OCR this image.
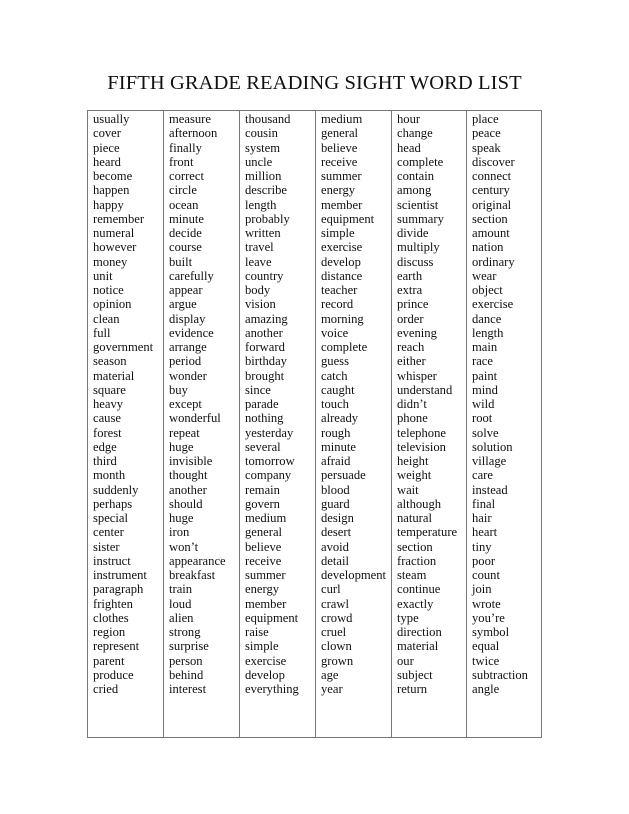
FIFTH GRADE READING SIGHT WORD LIST
usually
cover
piece
heard
become
happen
happy
remember
numeral
however
money
unit
notice
opinion
clean
full
government
season
material
square
heavy
cause
forest
edge
third
month
suddenly
perhaps
special
center
sister
instruct
instrument
paragraph
frighten
clothes
region
represent
parent
produce
cried
measure
afternoon
finally
front
correct
circle
ocean
minute
decide
course
built
carefully
appear
argue
display
evidence
arrange
period
wonder
buy
except
wonderful
repeat
huge
invisible
thought
another
should
huge
iron
won’t
appearance
breakfast
train
loud
alien
strong
surprise
person
behind
interest
thousand
cousin
system
uncle
million
describe
length
probably
written
travel
leave
country
body
vision
amazing
another
forward
birthday
brought
since
parade
nothing
yesterday
several
tomorrow
company
remain
govern
medium
general
believe
receive
summer
energy
member
equipment
raise
simple
exercise
develop
everything
medium
general
believe
receive
summer
energy
member
equipment
simple
exercise
develop
distance
teacher
record
morning
voice
complete
guess
catch
caught
touch
already
rough
minute
afraid
persuade
blood
guard
design
desert
avoid
detail
development
curl
crawl
crowd
cruel
clown
grown
age
year
hour
change
head
complete
contain
among
scientist
summary
divide
multiply
discuss
earth
extra
prince
order
evening
reach
either
whisper
understand
didn’t
phone
telephone
television
height
weight
wait
although
natural
temperature
section
fraction
steam
continue
exactly
type
direction
material
our
subject
return
place
peace
speak
discover
connect
century
original
section
amount
nation
ordinary
wear
object
exercise
dance
length
main
race
paint
mind
wild
root
solve
solution
village
care
instead
final
hair
heart
tiny
poor
count
join
wrote
you’re
symbol
equal
twice
subtraction
angle
